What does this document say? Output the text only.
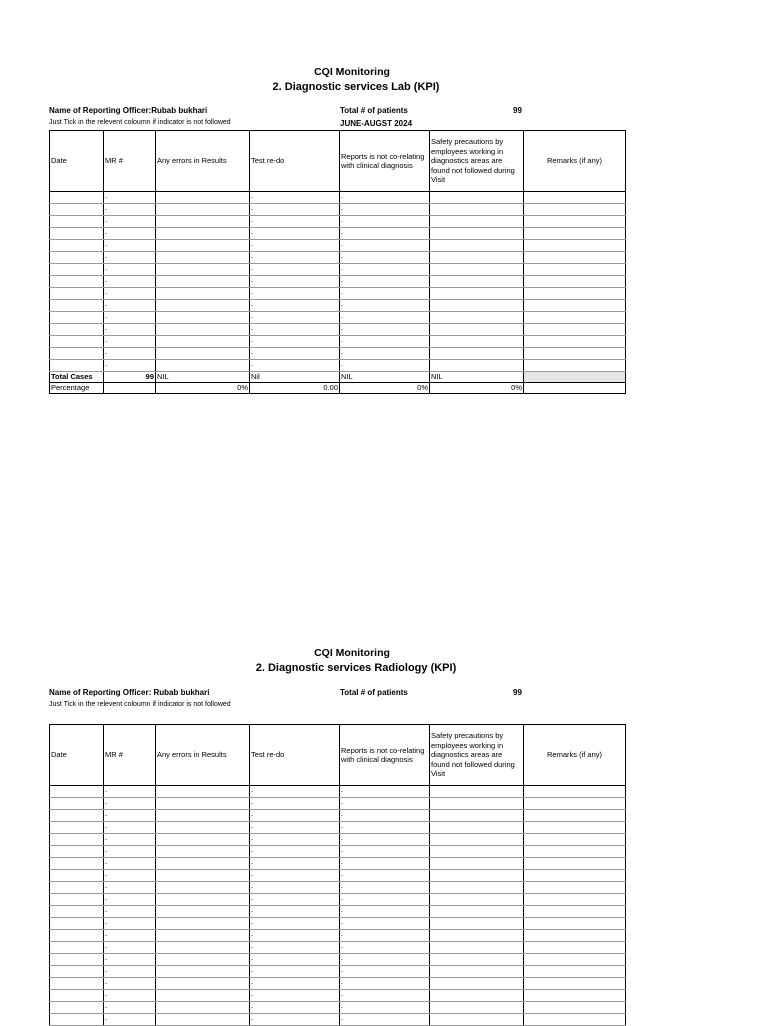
CQI Monitoring
2. Diagnostic services Lab (KPI)
Name of Reporting Officer:Rubab bukhari
Just Tick in the relevent coloumn if indicator is not followed
Total # of patients	99
JUNE-AUGST 2024
Date	MR #	Any errors in Results	Test re-do	Reports is not co-relating with clinical diagnosis	Safety precautions by employees working in diagnostics areas are found not followed during Visit	Remarks (if any)
	-		-	-		
	-		-	-		
	-		-	-		
	-		-	-		
	-		-	-		
	-		-	-		
	-		-	-		
	-		-	-		
	-		-	-		
	-		-	-		
	-		-	-		
	-		-	-		
	-		-	-		
	-		-	-		
	-		-	-		
Total Cases	99	NIL	Nil	NIL	NIL	
Percentage		0%	0.00	0%	0%	
CQI Monitoring
2. Diagnostic services Radiology (KPI)
Name of Reporting Officer: Rubab bukhari
Just Tick in the relevent coloumn if indicator is not followed
Total # of patients	99
Date	MR #	Any errors in Results	Test re-do	Reports is not co-relating with clinical diagnosis	Safety precautions by employees working in diagnostics areas are found not followed during Visit	Remarks (if any)
	-		-	-		
	-		-	-		
	-		-	-		
	-		-	-		
	-		-	-		
	-		-	-		
	-		-	-		
	-		-	-		
	-		-	-		
	-		-	-		
	-		-	-		
	-		-	-		
	-		-	-		
	-		-	-		
	-		-	-		
	-		-	-		
	-		-	-		
	-		-	-		
	-		-	-		
	-		-	-		
